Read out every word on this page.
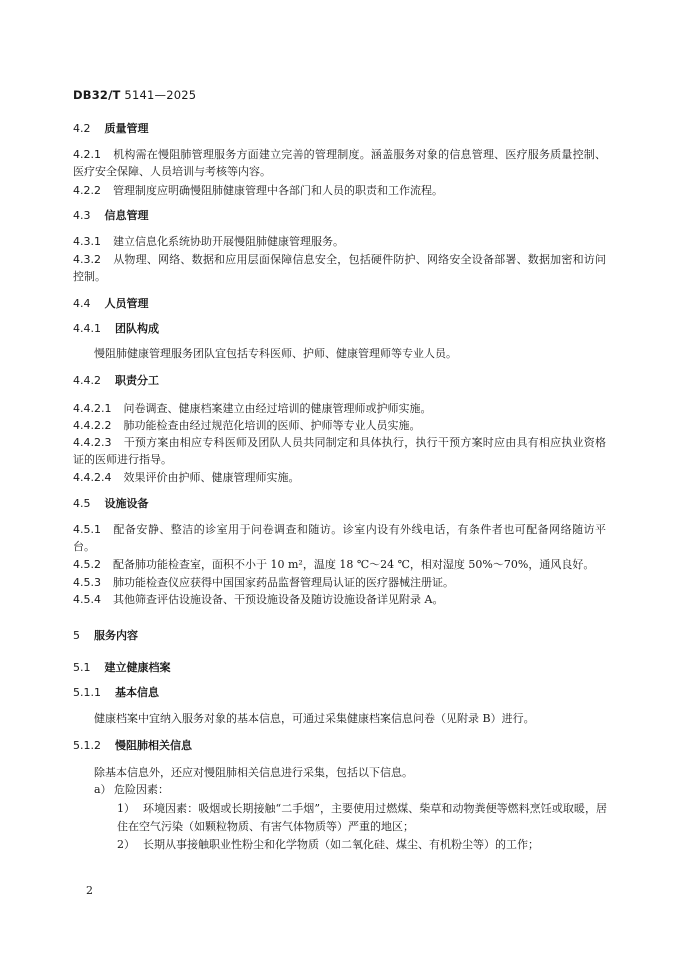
DB32/T 5141—2025
4.2 质量管理
4.2.1 机构需在慢阻肺管理服务方面建立完善的管理制度。涵盖服务对象的信息管理、医疗服务质量控制、医疗安全保障、人员培训与考核等内容。
4.2.2 管理制度应明确慢阻肺健康管理中各部门和人员的职责和工作流程。
4.3 信息管理
4.3.1 建立信息化系统协助开展慢阻肺健康管理服务。
4.3.2 从物理、网络、数据和应用层面保障信息安全，包括硬件防护、网络安全设备部署、数据加密和访问控制。
4.4 人员管理
4.4.1 团队构成
慢阻肺健康管理服务团队宜包括专科医师、护师、健康管理师等专业人员。
4.4.2 职责分工
4.4.2.1 问卷调查、健康档案建立由经过培训的健康管理师或护师实施。
4.4.2.2 肺功能检查由经过规范化培训的医师、护师等专业人员实施。
4.4.2.3 干预方案由相应专科医师及团队人员共同制定和具体执行，执行干预方案时应由具有相应执业资格证的医师进行指导。
4.4.2.4 效果评价由护师、健康管理师实施。
4.5 设施设备
4.5.1 配备安静、整洁的诊室用于问卷调查和随访。诊室内设有外线电话，有条件者也可配备网络随访平台。
4.5.2 配备肺功能检查室，面积不小于 10 m²，温度 18 ℃～24 ℃，相对湿度 50%～70%，通风良好。
4.5.3 肺功能检查仪应获得中国国家药品监督管理局认证的医疗器械注册证。
4.5.4 其他筛查评估设施设备、干预设施设备及随访设施设备详见附录 A。
5 服务内容
5.1 建立健康档案
5.1.1 基本信息
健康档案中宜纳入服务对象的基本信息，可通过采集健康档案信息问卷（见附录 B）进行。
5.1.2 慢阻肺相关信息
除基本信息外，还应对慢阻肺相关信息进行采集，包括以下信息。
a） 危险因素：
1） 环境因素：吸烟或长期接触“二手烟”，主要使用过燃煤、柴草和动物粪便等燃料烹饪或取暖，居住在空气污染（如颗粒物质、有害气体物质等）严重的地区；
2） 长期从事接触职业性粉尘和化学物质（如二氧化硅、煤尘、有机粉尘等）的工作；
2
